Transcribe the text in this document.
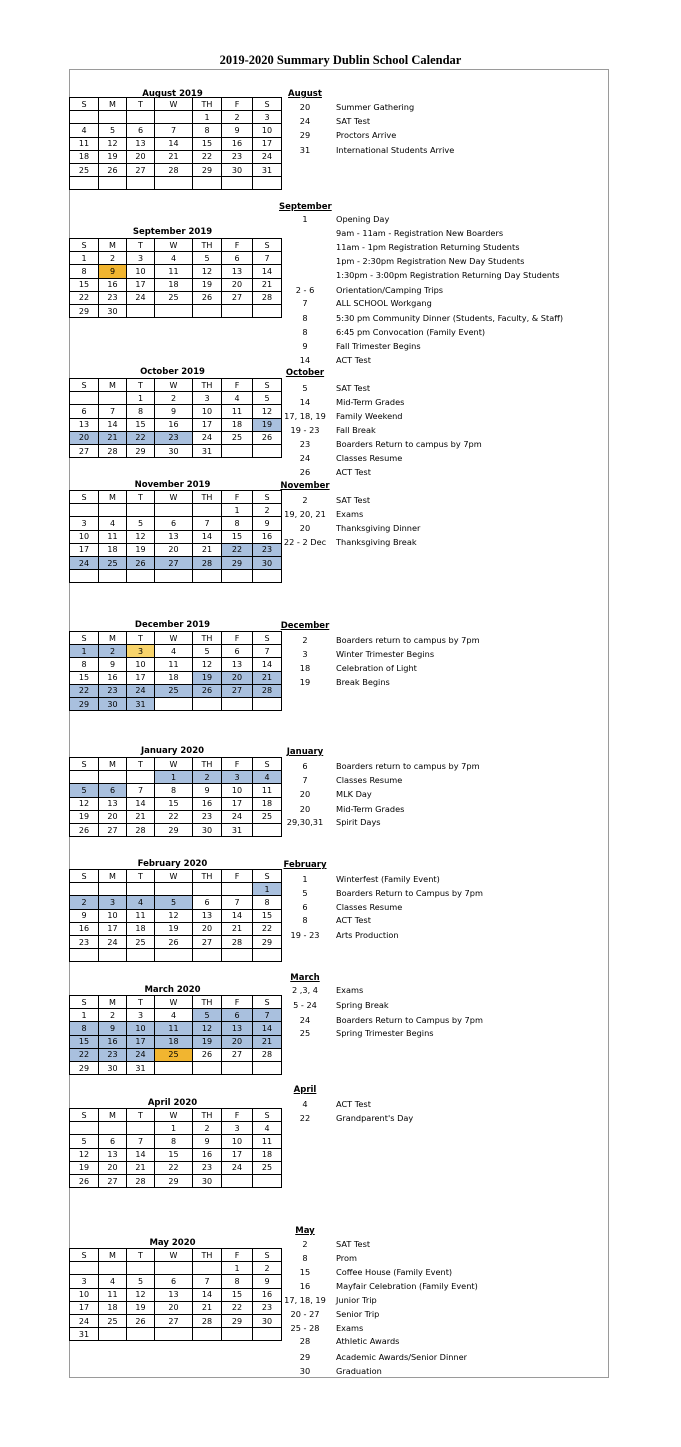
2019-2020 Summary Dublin School Calendar
August 2019
S	M	T	W	TH	F	S
				1	2	3
4	5	6	7	8	9	10
11	12	13	14	15	16	17
18	19	20	21	22	23	24
25	26	27	28	29	30	31

August
20	Summer Gathering
24	SAT Test
29	Proctors Arrive
31	International Students Arrive
September 2019
S	M	T	W	TH	F	S
1	2	3	4	5	6	7
8	9	10	11	12	13	14
15	16	17	18	19	20	21
22	23	24	25	26	27	28
29	30					
September
1	Opening Day
9am - 11am - Registration New Boarders
11am - 1pm Registration Returning Students
1pm - 2:30pm Registration New Day Students
1:30pm - 3:00pm Registration Returning Day Students
2 - 6	Orientation/Camping Trips
7	ALL SCHOOL Workgang
8	5:30 pm Community Dinner (Students, Faculty, & Staff)
8	6:45 pm Convocation (Family Event)
9	Fall Trimester Begins
14	ACT Test
October 2019
S	M	T	W	TH	F	S
		1	2	3	4	5
6	7	8	9	10	11	12
13	14	15	16	17	18	19
20	21	22	23	24	25	26
27	28	29	30	31		
October
5	SAT Test
14	Mid-Term Grades
17, 18, 19	Family Weekend
19 - 23	Fall Break
23	Boarders Return to campus by 7pm
24	Classes Resume
26	ACT Test
November 2019
S	M	T	W	TH	F	S
					1	2
3	4	5	6	7	8	9
10	11	12	13	14	15	16
17	18	19	20	21	22	23
24	25	26	27	28	29	30

November
2	SAT Test
19, 20, 21	Exams
20	Thanksgiving Dinner
22 - 2 Dec	Thanksgiving Break
December 2019
S	M	T	W	TH	F	S
1	2	3	4	5	6	7
8	9	10	11	12	13	14
15	16	17	18	19	20	21
22	23	24	25	26	27	28
29	30	31				
December
2	Boarders return to campus by 7pm
3	Winter Trimester Begins
18	Celebration of Light
19	Break Begins
January 2020
S	M	T	W	TH	F	S
			1	2	3	4
5	6	7	8	9	10	11
12	13	14	15	16	17	18
19	20	21	22	23	24	25
26	27	28	29	30	31	
January
6	Boarders return to campus by 7pm
7	Classes Resume
20	MLK Day
20	Mid-Term Grades
29,30,31	Spirit Days
February 2020
S	M	T	W	TH	F	S
						1
2	3	4	5	6	7	8
9	10	11	12	13	14	15
16	17	18	19	20	21	22
23	24	25	26	27	28	29

February
1	Winterfest (Family Event)
5	Boarders Return to Campus by 7pm
6	Classes Resume
8	ACT Test
19 - 23	Arts Production
March 2020
S	M	T	W	TH	F	S
1	2	3	4	5	6	7
8	9	10	11	12	13	14
15	16	17	18	19	20	21
22	23	24	25	26	27	28
29	30	31				
March
2 ,3, 4	Exams
5 - 24	Spring Break
24	Boarders Return to Campus by 7pm
25	Spring Trimester Begins
April 2020
S	M	T	W	TH	F	S
			1	2	3	4
5	6	7	8	9	10	11
12	13	14	15	16	17	18
19	20	21	22	23	24	25
26	27	28	29	30		
April
4	ACT Test
22	Grandparent's Day
May 2020
S	M	T	W	TH	F	S
					1	2
3	4	5	6	7	8	9
10	11	12	13	14	15	16
17	18	19	20	21	22	23
24	25	26	27	28	29	30
31						
May
2	SAT Test
8	Prom
15	Coffee House (Family Event)
16	Mayfair Celebration (Family Event)
17, 18, 19	Junior Trip
20 - 27	Senior Trip
25 - 28	Exams
28	Athletic Awards
29	Academic Awards/Senior Dinner
30	Graduation
